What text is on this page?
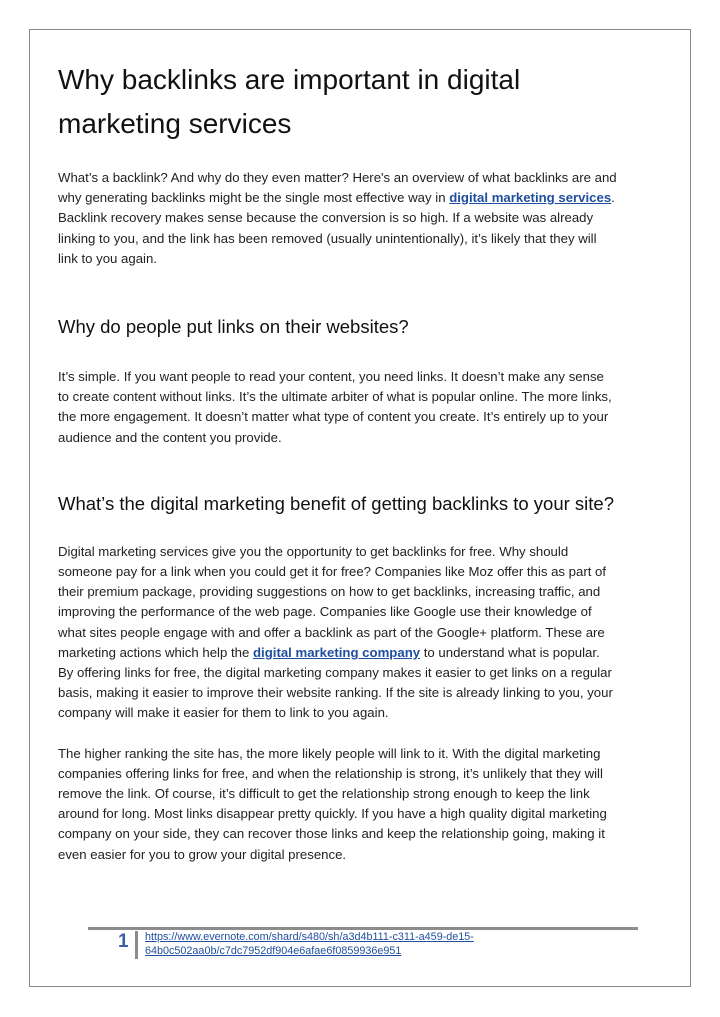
Why backlinks are important in digital marketing services

What’s a backlink? And why do they even matter? Here's an overview of what backlinks are and why generating backlinks might be the single most effective way in digital marketing services. Backlink recovery makes sense because the conversion is so high. If a website was already linking to you, and the link has been removed (usually unintentionally), it’s likely that they will link to you again.

Why do people put links on their websites?

It’s simple. If you want people to read your content, you need links. It doesn’t make any sense to create content without links. It’s the ultimate arbiter of what is popular online. The more links, the more engagement. It doesn’t matter what type of content you create. It’s entirely up to your audience and the content you provide.

What’s the digital marketing benefit of getting backlinks to your site?

Digital marketing services give you the opportunity to get backlinks for free. Why should someone pay for a link when you could get it for free? Companies like Moz offer this as part of their premium package, providing suggestions on how to get backlinks, increasing traffic, and improving the performance of the web page. Companies like Google use their knowledge of what sites people engage with and offer a backlink as part of the Google+ platform. These are marketing actions which help the digital marketing company to understand what is popular. By offering links for free, the digital marketing company makes it easier to get links on a regular basis, making it easier to improve their website ranking. If the site is already linking to you, your company will make it easier for them to link to you again.

The higher ranking the site has, the more likely people will link to it. With the digital marketing companies offering links for free, and when the relationship is strong, it’s unlikely that they will remove the link. Of course, it’s difficult to get the relationship strong enough to keep the link around for long. Most links disappear pretty quickly. If you have a high quality digital marketing company on your side, they can recover those links and keep the relationship going, making it even easier for you to grow your digital presence.

1 https://www.evernote.com/shard/s480/sh/a3d4b111-c311-a459-de15-
64b0c502aa0b/c7dc7952df904e6afae6f0859936e951
